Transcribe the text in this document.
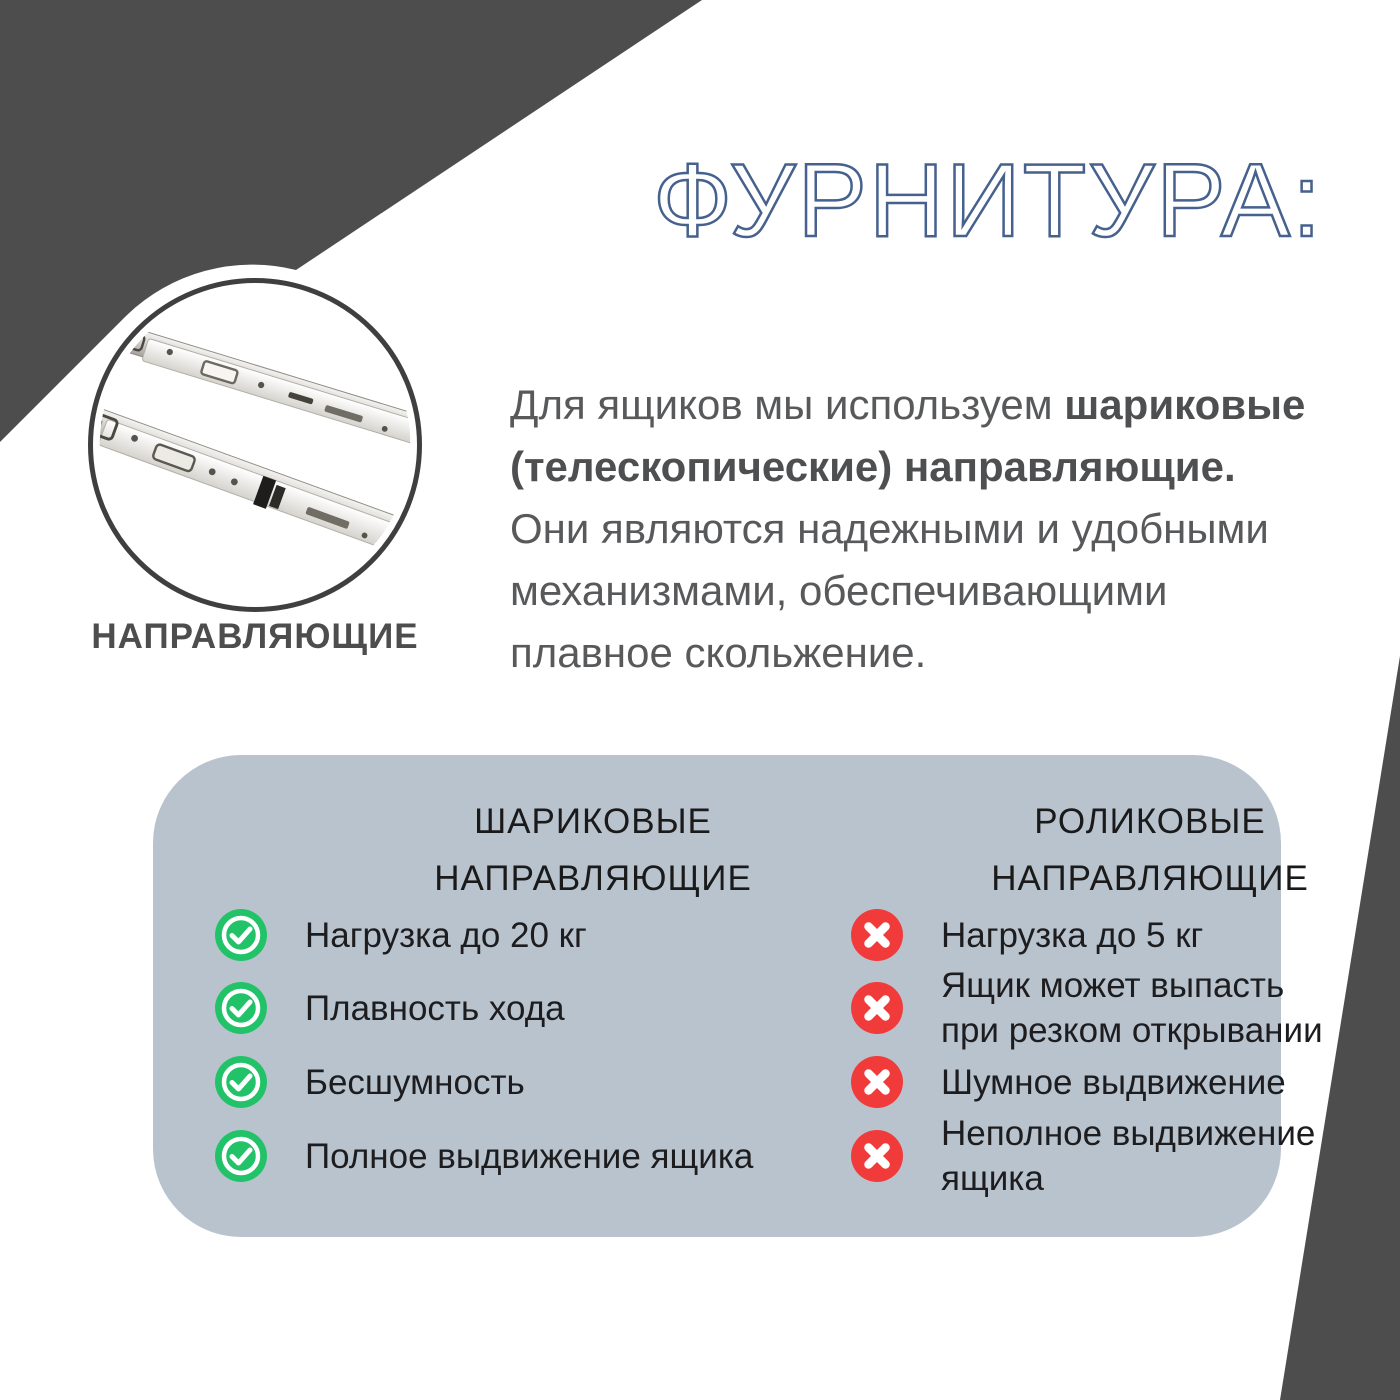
ФУРНИТУРА:
НАПРАВЛЯЮЩИЕ
Для ящиков мы используем шариковые
(телескопические) направляющие.
Они являются надежными и удобными
механизмами, обеспечивающими
плавное скольжение.
ШАРИКОВЫЕ
НАПРАВЛЯЮЩИЕ
РОЛИКОВЫЕ
НАПРАВЛЯЮЩИЕ
Нагрузка до 20 кг
Плавность хода
Бесшумность
Полное выдвижение ящика
Нагрузка до 5 кг
Ящик может выпасть при резком открывании
Шумное выдвижение
Неполное выдвижение ящика
